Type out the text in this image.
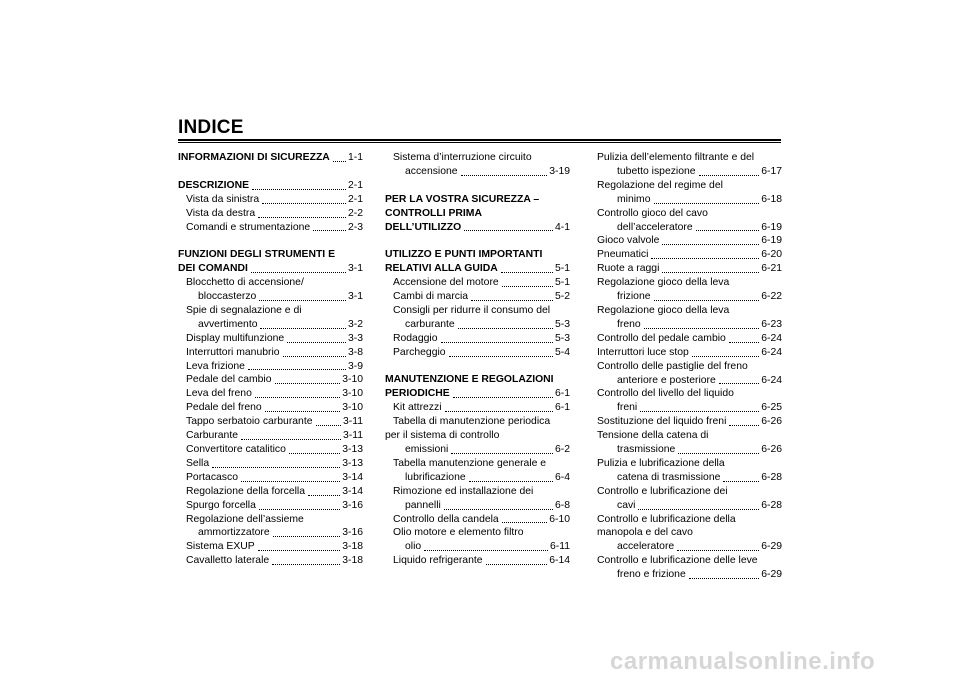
INDICE
INFORMAZIONI DI SICUREZZA 1-1
DESCRIZIONE	2-1
Vista da sinistra	2-1
Vista da destra	2-2
Comandi e strumentazione	2-3
FUNZIONI DEGLI STRUMENTI E
DEI COMANDI	3-1
Blocchetto di accensione/
bloccasterzo	3-1
Spie di segnalazione e di
avvertimento	3-2
Display multifunzione	3-3
Interruttori manubrio	3-8
Leva frizione	3-9
Pedale del cambio	3-10
Leva del freno	3-10
Pedale del freno	3-10
Tappo serbatoio carburante	3-11
Carburante	3-11
Convertitore catalitico	3-13
Sella	3-13
Portacasco	3-14
Regolazione della forcella	3-14
Spurgo forcella	3-16
Regolazione dell’assieme
ammortizzatore	3-16
Sistema EXUP	3-18
Cavalletto laterale	3-18
Sistema d’interruzione circuito
accensione	3-19
PER LA VOSTRA SICUREZZA –
CONTROLLI PRIMA
DELL’UTILIZZO	4-1
UTILIZZO E PUNTI IMPORTANTI
RELATIVI ALLA GUIDA	5-1
Accensione del motore	5-1
Cambi di marcia	5-2
Consigli per ridurre il consumo del
carburante	5-3
Rodaggio	5-3
Parcheggio	5-4
MANUTENZIONE E REGOLAZIONI
PERIODICHE	6-1
Kit attrezzi	6-1
Tabella di manutenzione periodica
per il sistema di controllo
emissioni	6-2
Tabella manutenzione generale e
lubrificazione	6-4
Rimozione ed installazione dei
pannelli	6-8
Controllo della candela	6-10
Olio motore e elemento filtro
olio	6-11
Liquido refrigerante	6-14
Pulizia dell’elemento filtrante e del
tubetto ispezione	6-17
Regolazione del regime del
minimo	6-18
Controllo gioco del cavo
dell’acceleratore	6-19
Gioco valvole	6-19
Pneumatici	6-20
Ruote a raggi	6-21
Regolazione gioco della leva
frizione	6-22
Regolazione gioco della leva
freno	6-23
Controllo del pedale cambio	6-24
Interruttori luce stop	6-24
Controllo delle pastiglie del freno
anteriore e posteriore	6-24
Controllo del livello del liquido
freni	6-25
Sostituzione del liquido freni	6-26
Tensione della catena di
trasmissione	6-26
Pulizia e lubrificazione della
catena di trasmissione	6-28
Controllo e lubrificazione dei
cavi	6-28
Controllo e lubrificazione della
manopola e del cavo
acceleratore	6-29
Controllo e lubrificazione delle leve
freno e frizione	6-29
carmanualsonline.info
